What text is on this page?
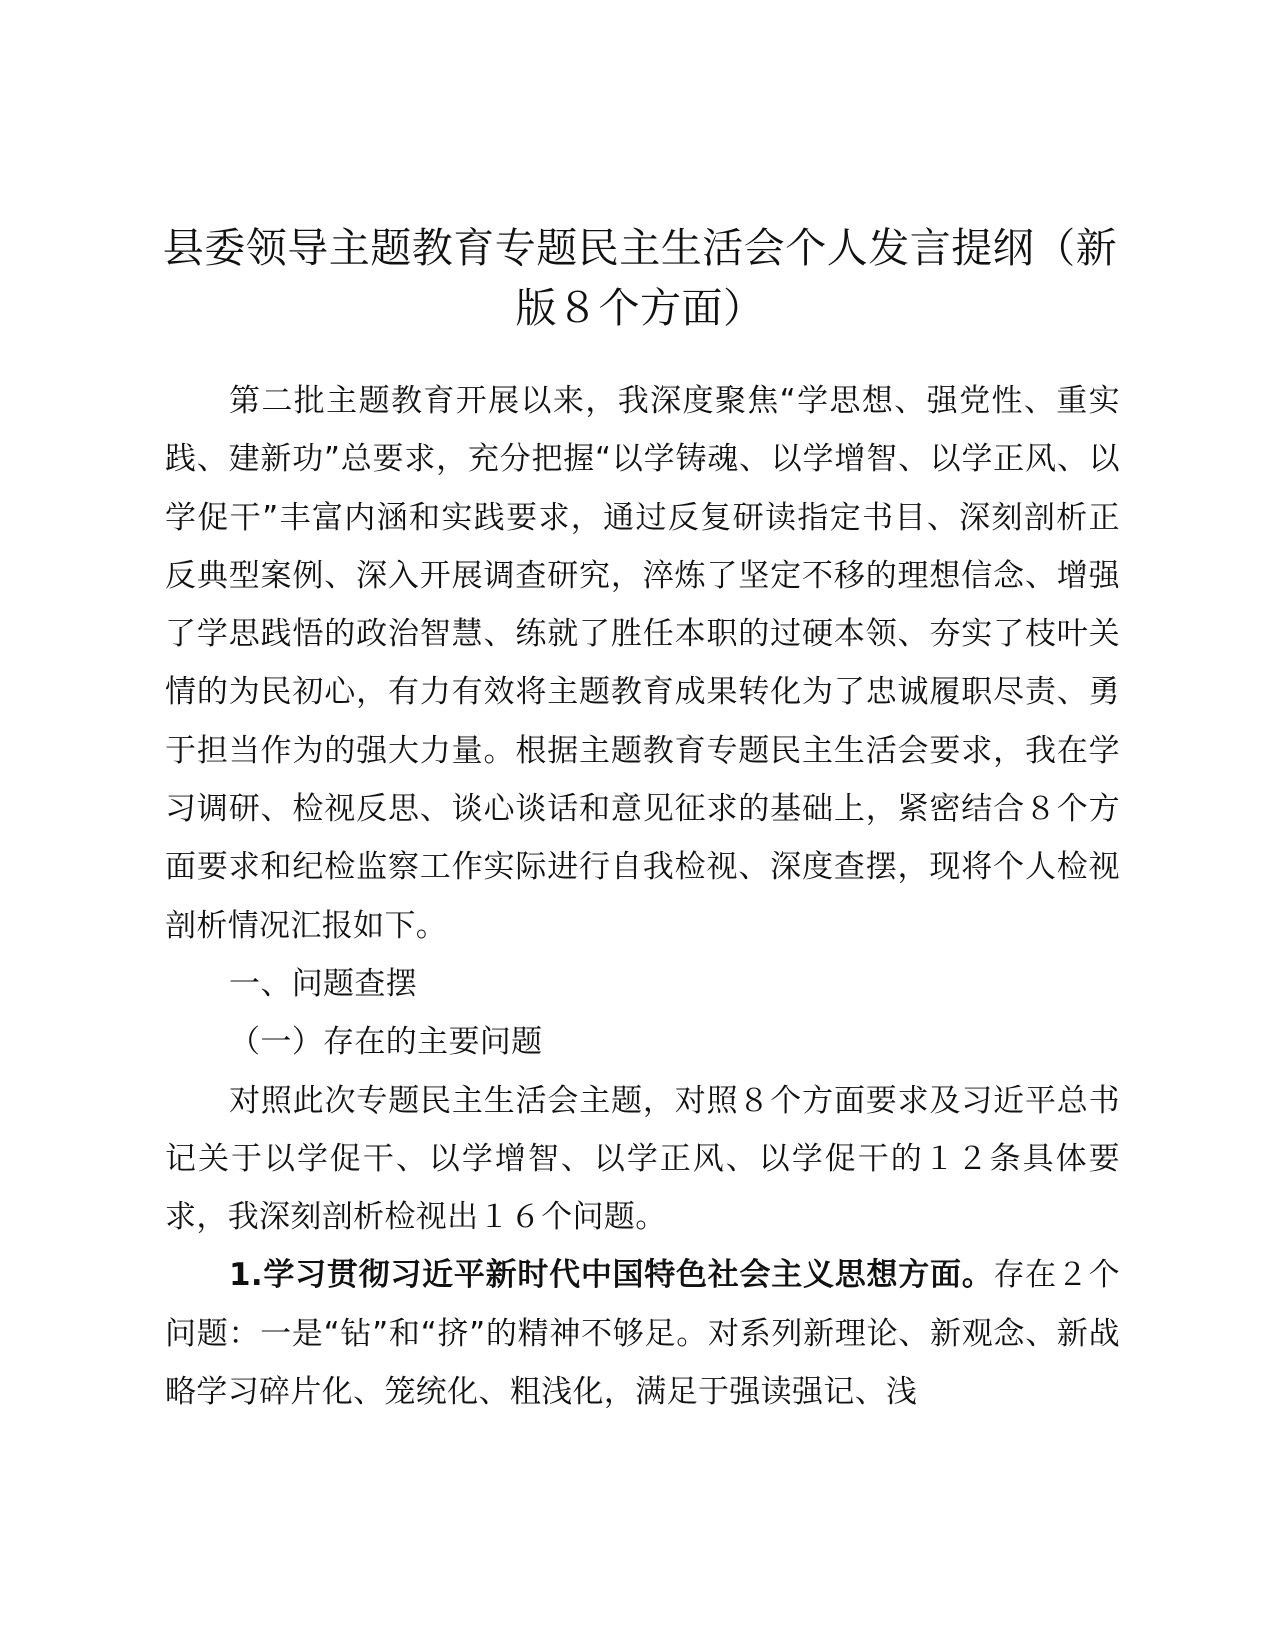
县委领导主题教育专题民主生活会个人发言提纲（新版８个方面）

第二批主题教育开展以来，我深度聚焦“学思想、强党性、重实践、建新功”总要求，充分把握“以学铸魂、以学增智、以学正风、以学促干”丰富内涵和实践要求，通过反复研读指定书目、深刻剖析正反典型案例、深入开展调查研究，淬炼了坚定不移的理想信念、增强了学思践悟的政治智慧、练就了胜任本职的过硬本领、夯实了枝叶关情的为民初心，有力有效将主题教育成果转化为了忠诚履职尽责、勇于担当作为的强大力量。根据主题教育专题民主生活会要求，我在学习调研、检视反思、谈心谈话和意见征求的基础上，紧密结合８个方面要求和纪检监察工作实际进行自我检视、深度查摆，现将个人检视剖析情况汇报如下。

一、问题查摆

（一）存在的主要问题

对照此次专题民主生活会主题，对照８个方面要求及习近平总书记关于以学促干、以学增智、以学正风、以学促干的１２条具体要求，我深刻剖析检视出１６个问题。

1.学习贯彻习近平新时代中国特色社会主义思想方面。存在２个问题：一是“钻”和“挤”的精神不够足。对系列新理论、新观念、新战略学习碎片化、笼统化、粗浅化，满足于强读强记、浅
